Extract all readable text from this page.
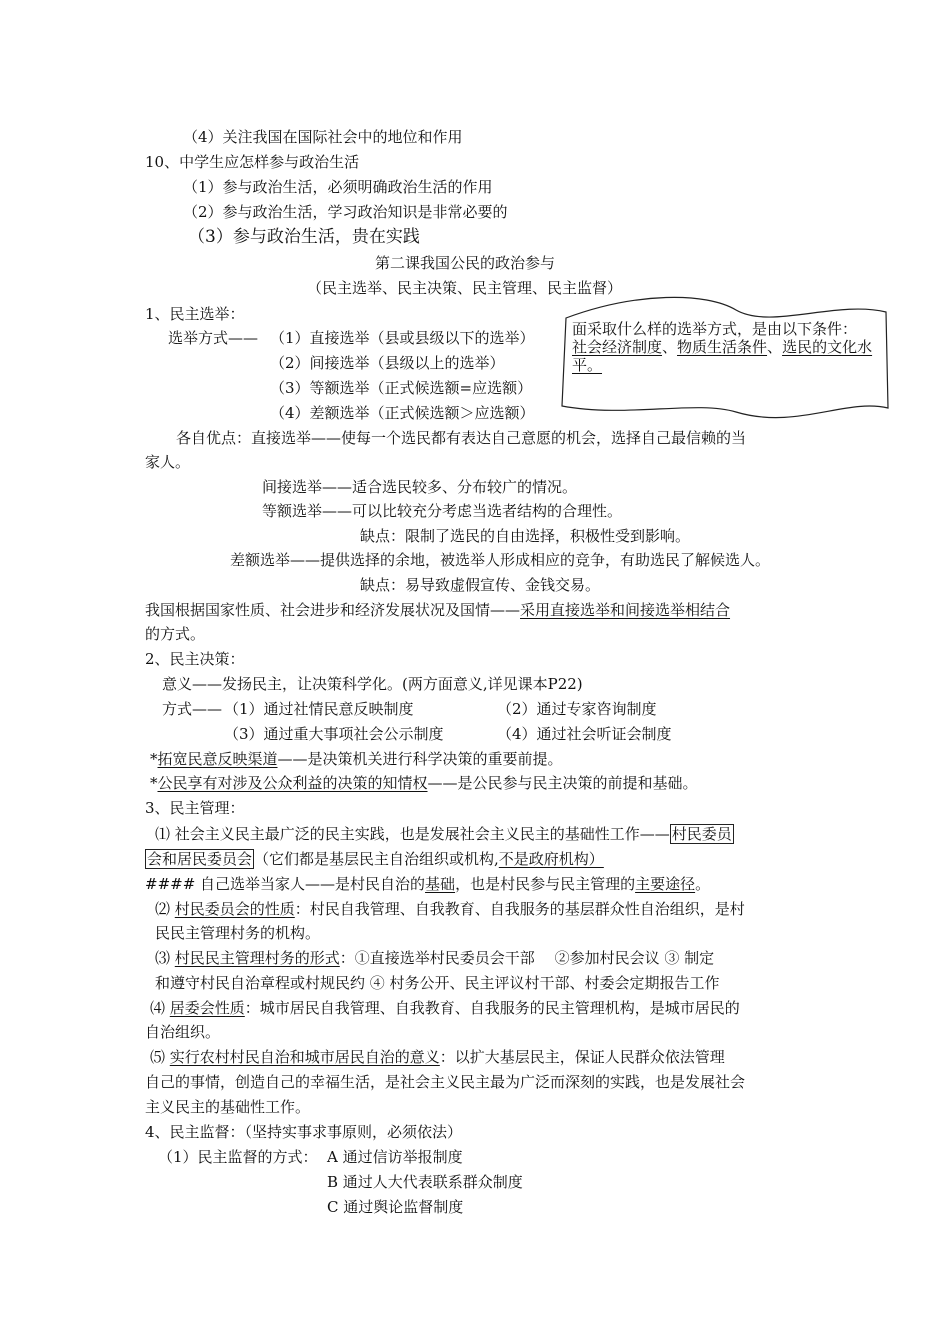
（4）关注我国在国际社会中的地位和作用
10、中学生应怎样参与政治生活
（1）参与政治生活，必须明确政治生活的作用
（2）参与政治生活，学习政治知识是非常必要的
（3）参与政治生活，贵在实践
第二课我国公民的政治参与
（民主选举、民主决策、民主管理、民主监督）
1、民主选举：
选举方式—— （1）直接选举（县或县级以下的选举）
（2）间接选举（县级以上的选举）
（3）等额选举（正式候选额=应选额）
（4）差额选举（正式候选额＞应选额）
面采取什么样的选举方式，是由以下条件：
社会经济制度、物质生活条件、选民的文化水平。
各自优点：直接选举——使每一个选民都有表达自己意愿的机会，选择自己最信赖的当
家人。
间接选举——适合选民较多、分布较广的情况。
等额选举——可以比较充分考虑当选者结构的合理性。
缺点：限制了选民的自由选择，积极性受到影响。
差额选举——提供选择的余地，被选举人形成相应的竞争，有助选民了解候选人。
缺点：易导致虚假宣传、金钱交易。
我国根据国家性质、社会进步和经济发展状况及国情——采用直接选举和间接选举相结合
的方式。
2、民主决策：
意义——发扬民主，让决策科学化。(两方面意义,详见课本P22)
方式—— （1）通过社情民意反映制度	（2）通过专家咨询制度
（3）通过重大事项社会公示制度	（4）通过社会听证会制度
*拓宽民意反映渠道——是决策机关进行科学决策的重要前提。
*公民享有对涉及公众利益的决策的知情权——是公民参与民主决策的前提和基础。
3、民主管理：
⑴ 社会主义民主最广泛的民主实践，也是发展社会主义民主的基础性工作—— 村民委员
会和居民委员会 （它们都是基层民主自治组织或机构,不是政府机构）
#### 自己选举当家人——是村民自治的基础，也是村民参与民主管理的主要途径。
⑵ 村民委员会的性质：村民自我管理、自我教育、自我服务的基层群众性自治组织，是村
民民主管理村务的机构。
⑶ 村民民主管理村务的形式：①直接选举村民委员会干部　 ②参加村民会议 ③ 制定
和遵守村民自治章程或村规民约 ④ 村务公开、民主评议村干部、村委会定期报告工作
⑷ 居委会性质：城市居民自我管理、自我教育、自我服务的民主管理机构，是城市居民的
自治组织。
⑸ 实行农村村民自治和城市居民自治的意义：以扩大基层民主，保证人民群众依法管理
自己的事情，创造自己的幸福生活，是社会主义民主最为广泛而深刻的实践，也是发展社会
主义民主的基础性工作。
4、民主监督：（坚持实事求事原则，必须依法）
（1）民主监督的方式： A 通过信访举报制度
B 通过人大代表联系群众制度
C 通过舆论监督制度
